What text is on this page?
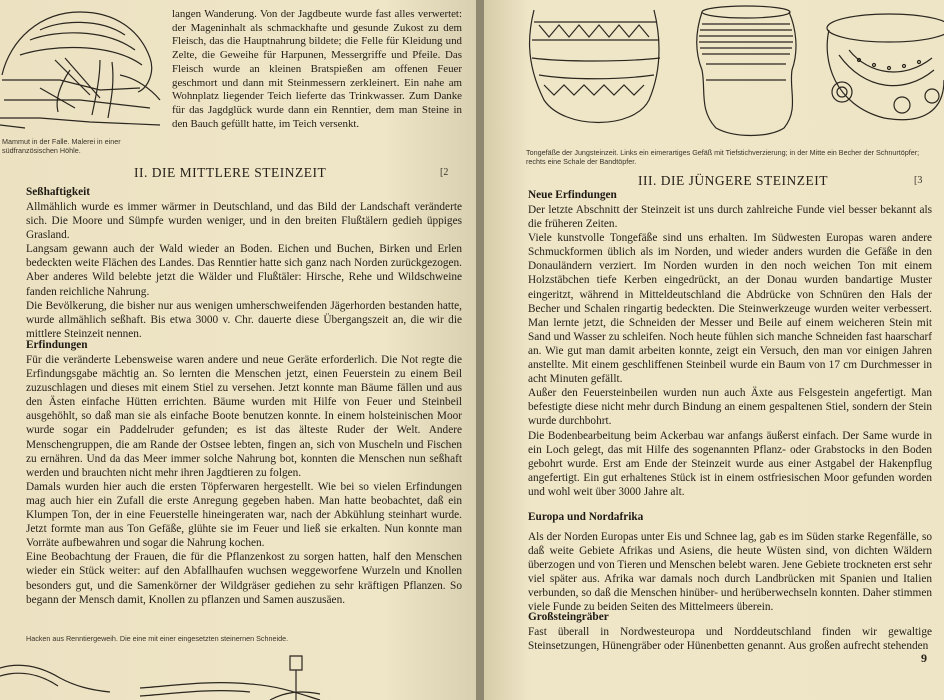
Mammut in der Falle. Malerei in einer südfranzösischen Höhle.
langen Wanderung. Von der Jagdbeute wurde fast alles verwertet: der Mageninhalt als schmackhafte und gesunde Zukost zu dem Fleisch, das die Hauptnahrung bildete; die Felle für Kleidung und Zelte, die Geweihe für Harpunen, Messergriffe und Pfeile. Das Fleisch wurde an kleinen Bratspießen am offenen Feuer geschmort und dann mit Steinmessern zerkleinert. Ein nahe am Wohnplatz liegender Teich lieferte das Trinkwasser. Zum Danke für das Jagdglück wurde dann ein Renntier, dem man Steine in den Bauch gefüllt hatte, im Teich versenkt.
II. DIE MITTLERE STEINZEIT	[2
Seßhaftigkeit

Allmählich wurde es immer wärmer in Deutschland, und das Bild der Landschaft veränderte sich. Die Moore und Sümpfe wurden weniger, und in den breiten Flußtälern gedieh üppiges Grasland.

Langsam gewann auch der Wald wieder an Boden. Eichen und Buchen, Birken und Erlen bedeckten weite Flächen des Landes. Das Renntier hatte sich ganz nach Norden zurückgezogen. Aber anderes Wild belebte jetzt die Wälder und Flußtäler: Hirsche, Rehe und Wildschweine fanden reichliche Nahrung.

Die Bevölkerung, die bisher nur aus wenigen umherschweifenden Jägerhorden bestanden hatte, wurde allmählich seßhaft. Bis etwa 3000 v. Chr. dauerte diese Übergangszeit an, die wir die mittlere Steinzeit nennen.

Erfindungen

Für die veränderte Lebensweise waren andere und neue Geräte erforderlich. Die Not regte die Erfindungsgabe mächtig an. So lernten die Menschen jetzt, einen Feuerstein zu einem Beil zuzuschlagen und dieses mit einem Stiel zu versehen. Jetzt konnte man Bäume fällen und aus den Ästen einfache Hütten errichten. Bäume wurden mit Hilfe von Feuer und Steinbeil ausgehöhlt, so daß man sie als einfache Boote benutzen konnte. In einem holsteinischen Moor wurde sogar ein Paddelruder gefunden; es ist das älteste Ruder der Welt. Andere Menschengruppen, die am Rande der Ostsee lebten, fingen an, sich von Muscheln und Fischen zu ernähren. Und da das Meer immer solche Nahrung bot, konnten die Menschen nun seßhaft werden und brauchten nicht mehr ihren Jagdtieren zu folgen.

Damals wurden hier auch die ersten Töpferwaren hergestellt. Wie bei so vielen Erfindungen mag auch hier ein Zufall die erste Anregung gegeben haben. Man hatte beobachtet, daß ein Klumpen Ton, der in eine Feuerstelle hineingeraten war, nach der Abkühlung steinhart wurde. Jetzt formte man aus Ton Gefäße, glühte sie im Feuer und ließ sie erkalten. Nun konnte man Vorräte aufbewahren und sogar die Nahrung kochen.

Eine Beobachtung der Frauen, die für die Pflanzenkost zu sorgen hatten, half den Menschen wieder ein Stück weiter: auf den Abfallhaufen wuchsen weggeworfene Wurzeln und Knollen besonders gut, und die Samenkörner der Wildgräser gediehen zu sehr kräftigen Pflanzen. So begann der Mensch damit, Knollen zu pflanzen und Samen auszusäen.

Hacken aus Renntiergeweih. Die eine mit einer eingesetzten steinernen Schneide.
Tongefäße der Jungsteinzeit. Links ein eimerartiges Gefäß mit Tiefstichverzierung; in der Mitte ein Becher der Schnurtöpfer; rechts eine Schale der Bandtöpfer.
III. DIE JÜNGERE STEINZEIT	[3
Neue Erfindungen

Der letzte Abschnitt der Steinzeit ist uns durch zahlreiche Funde viel besser bekannt als die früheren Zeiten.

Viele kunstvolle Tongefäße sind uns erhalten. Im Südwesten Europas waren andere Schmuckformen üblich als im Norden, und wieder anders wurden die Gefäße in den Donauländern verziert. Im Norden wurden in den noch weichen Ton mit einem Holzstäbchen tiefe Kerben eingedrückt, an der Donau wurden bandartige Muster eingeritzt, während in Mitteldeutschland die Abdrücke von Schnüren den Hals der Becher und Schalen ringartig bedeckten. Die Steinwerkzeuge wurden weiter verbessert. Man lernte jetzt, die Schneiden der Messer und Beile auf einem weicheren Stein mit Sand und Wasser zu schleifen. Noch heute fühlen sich manche Schneiden fast haarscharf an. Wie gut man damit arbeiten konnte, zeigt ein Versuch, den man vor einigen Jahren anstellte. Mit einem geschliffenen Steinbeil wurde ein Baum von 17 cm Durchmesser in acht Minuten gefällt.

Außer den Feuersteinbeilen wurden nun auch Äxte aus Felsgestein angefertigt. Man befestigte diese nicht mehr durch Bindung an einem gespaltenen Stiel, sondern der Stein wurde durchbohrt.

Die Bodenbearbeitung beim Ackerbau war anfangs äußerst einfach. Der Same wurde in ein Loch gelegt, das mit Hilfe des sogenannten Pflanz- oder Grabstocks in den Boden gebohrt wurde. Erst am Ende der Steinzeit wurde aus einer Astgabel der Hakenpflug angefertigt. Ein gut erhaltenes Stück ist in einem ostfriesischen Moor gefunden worden und wohl weit über 3000 Jahre alt.

Europa und Nordafrika

Als der Norden Europas unter Eis und Schnee lag, gab es im Süden starke Regenfälle, so daß weite Gebiete Afrikas und Asiens, die heute Wüsten sind, von dichten Wäldern überzogen und von Tieren und Menschen belebt waren. Jene Gebiete trockneten erst sehr viel später aus. Afrika war damals noch durch Landbrücken mit Spanien und Italien verbunden, so daß die Menschen hinüber- und herüberwechseln konnten. Daher stimmen viele Funde zu beiden Seiten des Mittelmeers überein.

Großsteingräber

Fast überall in Nordwesteuropa und Norddeutschland finden wir gewaltige Steinsetzungen, Hünengräber oder Hünenbetten genannt. Aus großen aufrecht stehenden

9
